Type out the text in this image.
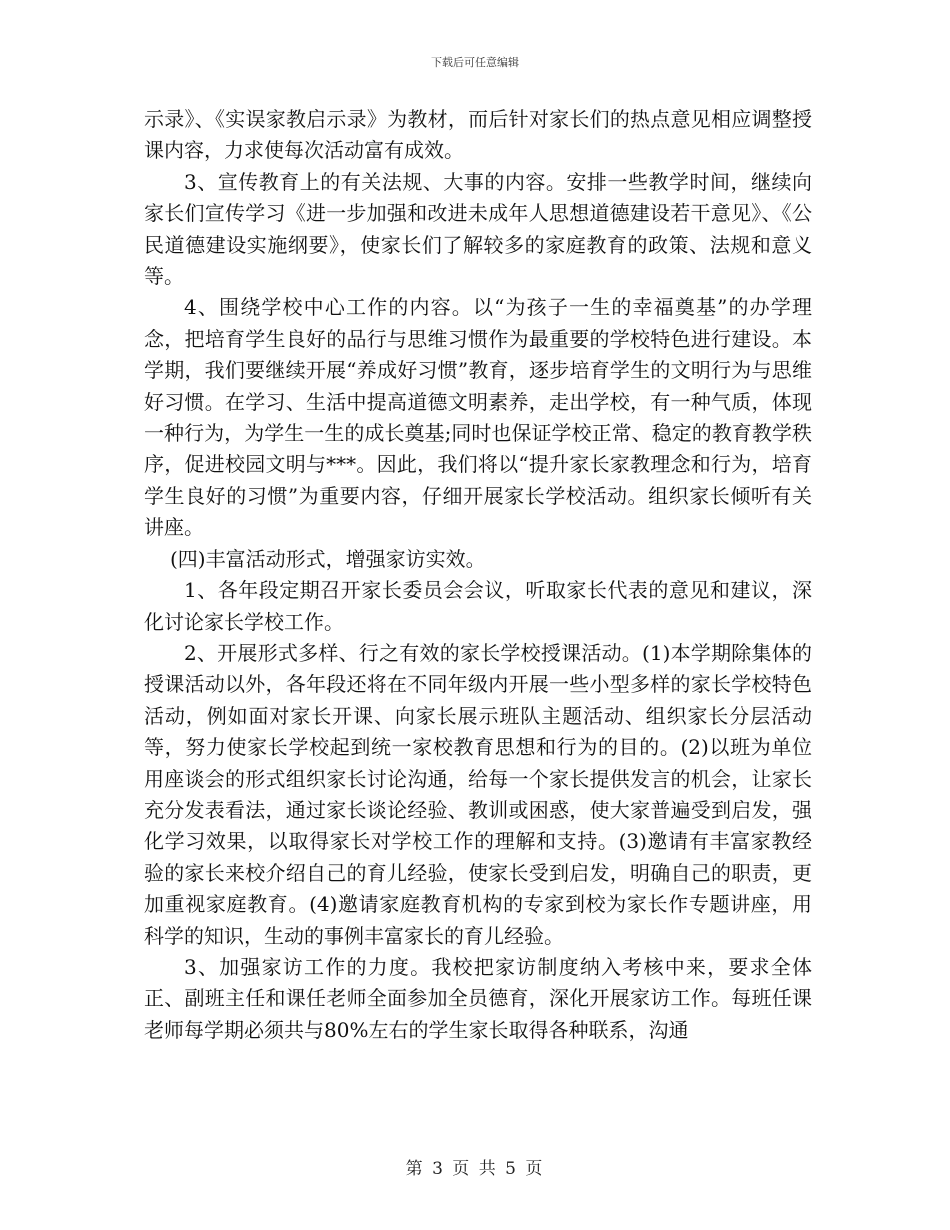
下载后可任意编辑

示录》、《实误家教启示录》为教材，而后针对家长们的热点意见相应调整授课内容，力求使每次活动富有成效。

3、宣传教育上的有关法规、大事的内容。安排一些教学时间，继续向家长们宣传学习《进一步加强和改进未成年人思想道德建设若干意见》、《公民道德建设实施纲要》，使家长们了解较多的家庭教育的政策、法规和意义等。

4、围绕学校中心工作的内容。以“为孩子一生的幸福奠基”的办学理念，把培育学生良好的品行与思维习惯作为最重要的学校特色进行建设。本学期，我们要继续开展“养成好习惯”教育，逐步培育学生的文明行为与思维好习惯。在学习、生活中提高道德文明素养，走出学校，有一种气质，体现一种行为，为学生一生的成长奠基;同时也保证学校正常、稳定的教育教学秩序，促进校园文明与***。因此，我们将以“提升家长家教理念和行为，培育学生良好的习惯”为重要内容，仔细开展家长学校活动。组织家长倾听有关讲座。

(四)丰富活动形式，增强家访实效。

1、各年段定期召开家长委员会会议，听取家长代表的意见和建议，深化讨论家长学校工作。

2、开展形式多样、行之有效的家长学校授课活动。(1)本学期除集体的授课活动以外，各年段还将在不同年级内开展一些小型多样的家长学校特色活动，例如面对家长开课、向家长展示班队主题活动、组织家长分层活动等，努力使家长学校起到统一家校教育思想和行为的目的。(2)以班为单位用座谈会的形式组织家长讨论沟通，给每一个家长提供发言的机会，让家长充分发表看法，通过家长谈论经验、教训或困惑，使大家普遍受到启发，强化学习效果，以取得家长对学校工作的理解和支持。(3)邀请有丰富家教经验的家长来校介绍自己的育儿经验，使家长受到启发，明确自己的职责，更加重视家庭教育。(4)邀请家庭教育机构的专家到校为家长作专题讲座，用科学的知识，生动的事例丰富家长的育儿经验。

3、加强家访工作的力度。我校把家访制度纳入考核中来，要求全体正、副班主任和课任老师全面参加全员德育，深化开展家访工作。每班任课老师每学期必须共与80%左右的学生家长取得各种联系，沟通

第 3 页 共 5 页
